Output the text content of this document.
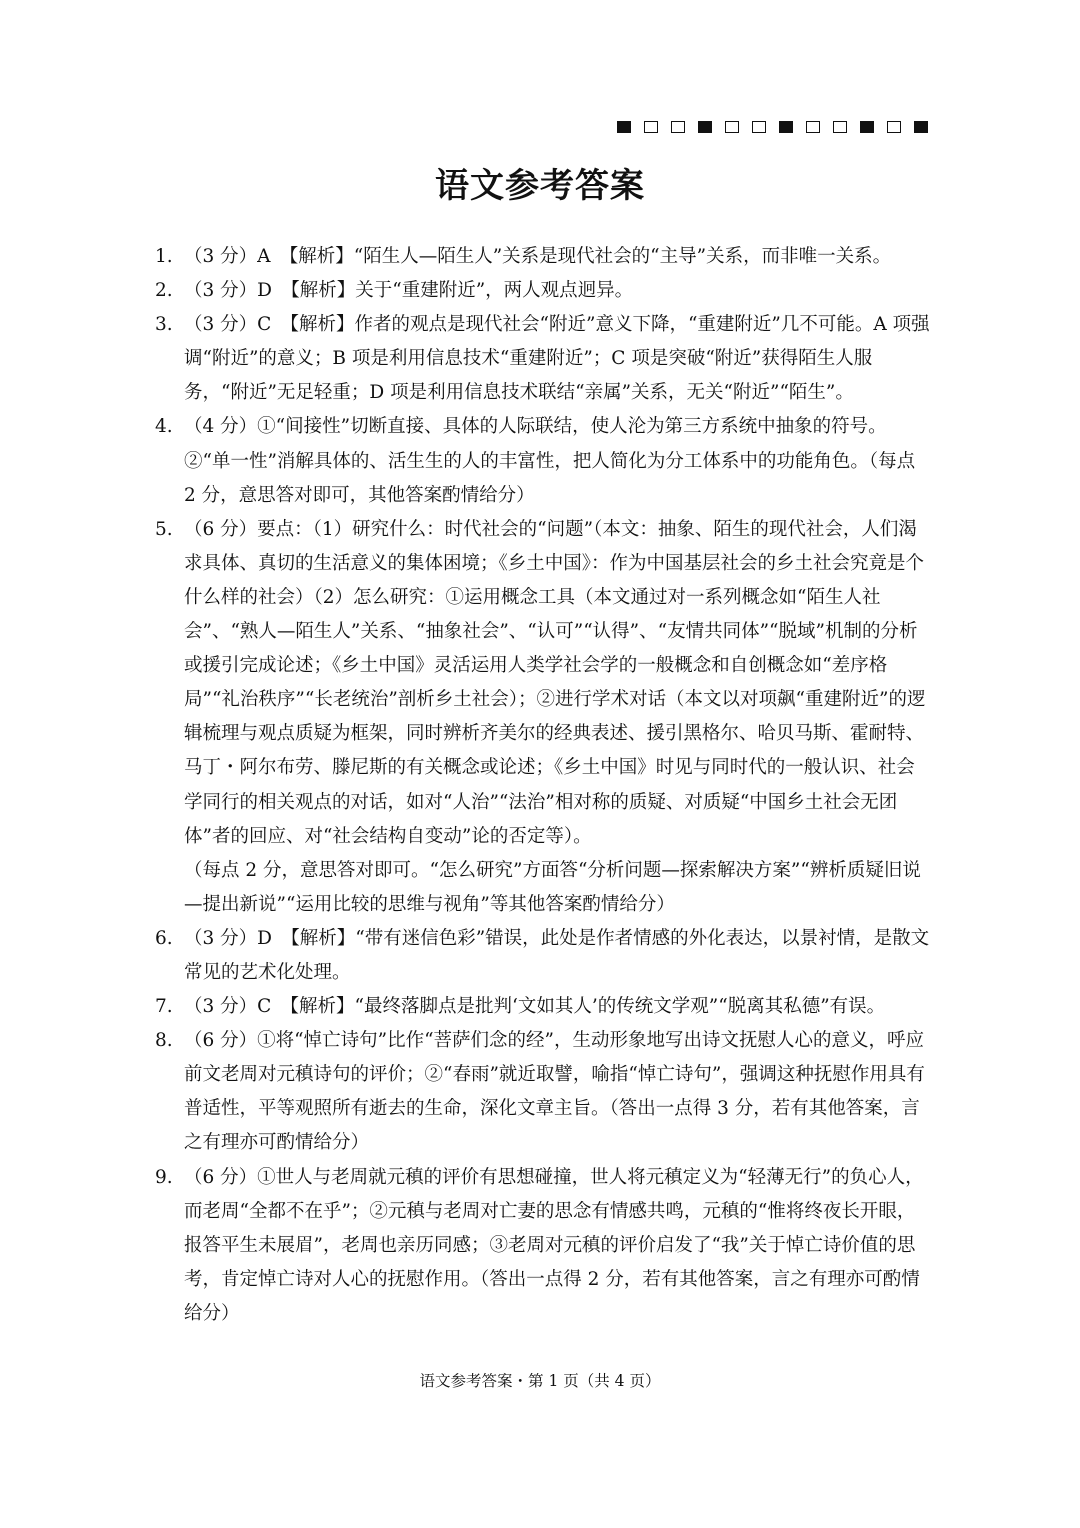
语文参考答案
1. （3 分）A　【解析】“陌生人—陌生人”关系是现代社会的“主导”关系，而非唯一关系。
2. （3 分）D　【解析】关于“重建附近”，两人观点迥异。
3. （3 分）C　【解析】作者的观点是现代社会“附近”意义下降，“重建附近”几不可能。A 项强调“附近”的意义；B 项是利用信息技术“重建附近”；C 项是突破“附近”获得陌生人服务，“附近”无足轻重；D 项是利用信息技术联结“亲属”关系，无关“附近”“陌生”。
4. （4 分）①“间接性”切断直接、具体的人际联结，使人沦为第三方系统中抽象的符号。②“单一性”消解具体的、活生生的人的丰富性，把人简化为分工体系中的功能角色。（每点 2 分，意思答对即可，其他答案酌情给分）
5. （6 分）要点：（1）研究什么：时代社会的“问题”（本文：抽象、陌生的现代社会，人们渴求具体、真切的生活意义的集体困境；《乡土中国》：作为中国基层社会的乡土社会究竟是个什么样的社会）（2）怎么研究：①运用概念工具（本文通过对一系列概念如“陌生人社会”、“熟人—陌生人”关系、“抽象社会”、“认可”“认得”、“友情共同体”“脱域”机制的分析或援引完成论述；《乡土中国》灵活运用人类学社会学的一般概念和自创概念如“差序格局”“礼治秩序”“长老统治”剖析乡土社会）；②进行学术对话（本文以对项飙“重建附近”的逻辑梳理与观点质疑为框架，同时辨析齐美尔的经典表述、援引黑格尔、哈贝马斯、霍耐特、马丁・阿尔布劳、滕尼斯的有关概念或论述；《乡土中国》时见与同时代的一般认识、社会学同行的相关观点的对话，如对“人治”“法治”相对称的质疑、对质疑“中国乡土社会无团体”者的回应、对“社会结构自变动”论的否定等）。
（每点 2 分，意思答对即可。“怎么研究”方面答“分析问题—探索解决方案”“辨析质疑旧说—提出新说”“运用比较的思维与视角”等其他答案酌情给分）
6. （3 分）D　【解析】“带有迷信色彩”错误，此处是作者情感的外化表达，以景衬情，是散文常见的艺术化处理。
7. （3 分）C　【解析】“最终落脚点是批判‘文如其人’的传统文学观”“脱离其私德”有误。
8. （6 分）①将“悼亡诗句”比作“菩萨们念的经”，生动形象地写出诗文抚慰人心的意义，呼应前文老周对元稹诗句的评价；②“春雨”就近取譬，喻指“悼亡诗句”，强调这种抚慰作用具有普适性，平等观照所有逝去的生命，深化文章主旨。（答出一点得 3 分，若有其他答案，言之有理亦可酌情给分）
9. （6 分）①世人与老周就元稹的评价有思想碰撞，世人将元稹定义为“轻薄无行”的负心人，而老周“全都不在乎”；②元稹与老周对亡妻的思念有情感共鸣，元稹的“惟将终夜长开眼，报答平生未展眉”，老周也亲历同感；③老周对元稹的评价启发了“我”关于悼亡诗价值的思考，肯定悼亡诗对人心的抚慰作用。（答出一点得 2 分，若有其他答案，言之有理亦可酌情给分）
语文参考答案・第 1 页（共 4 页）
